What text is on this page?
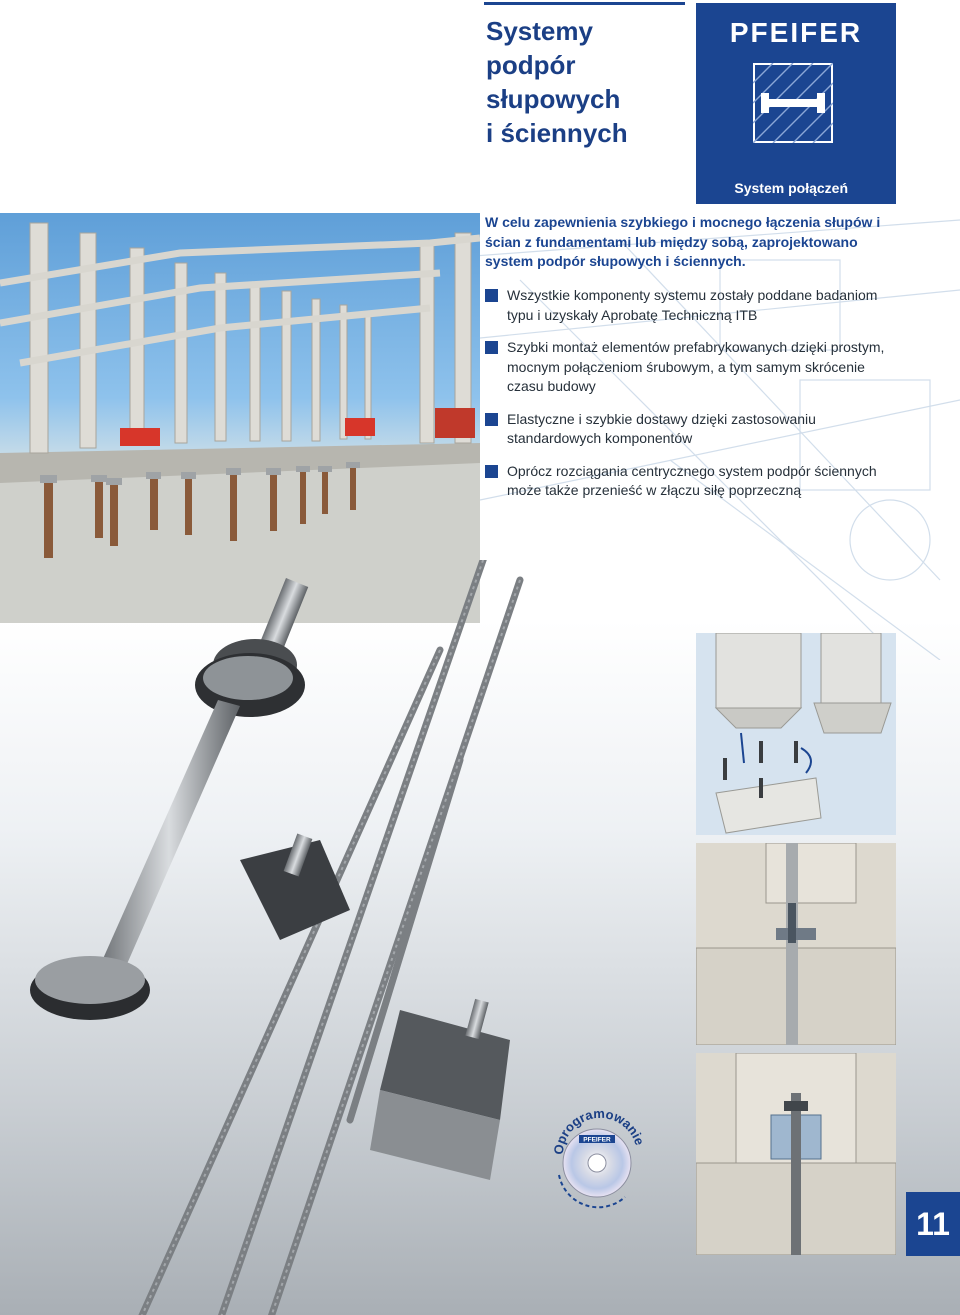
Systemy podpór
słupowych
i ściennych
PFEIFER
System połączeń
W celu zapewnienia szybkiego i mocnego łączenia słupów i ścian z fundamentami lub między sobą, zaprojektowano system podpór słupowych i ściennych.
Wszystkie komponenty systemu zostały poddane badaniom typu i uzyskały Aprobatę Techniczną ITB
Szybki montaż elementów prefabrykowanych dzięki prostym, mocnym połączeniom śrubowym, a tym samym skrócenie czasu budowy
Elastyczne i szybkie dostawy dzięki zastosowaniu standardowych komponentów
Oprócz rozciągania centrycznego system podpór ściennych może także przenieść w złączu siłę poprzeczną
PFEIFER
Oprogramowanie
11
